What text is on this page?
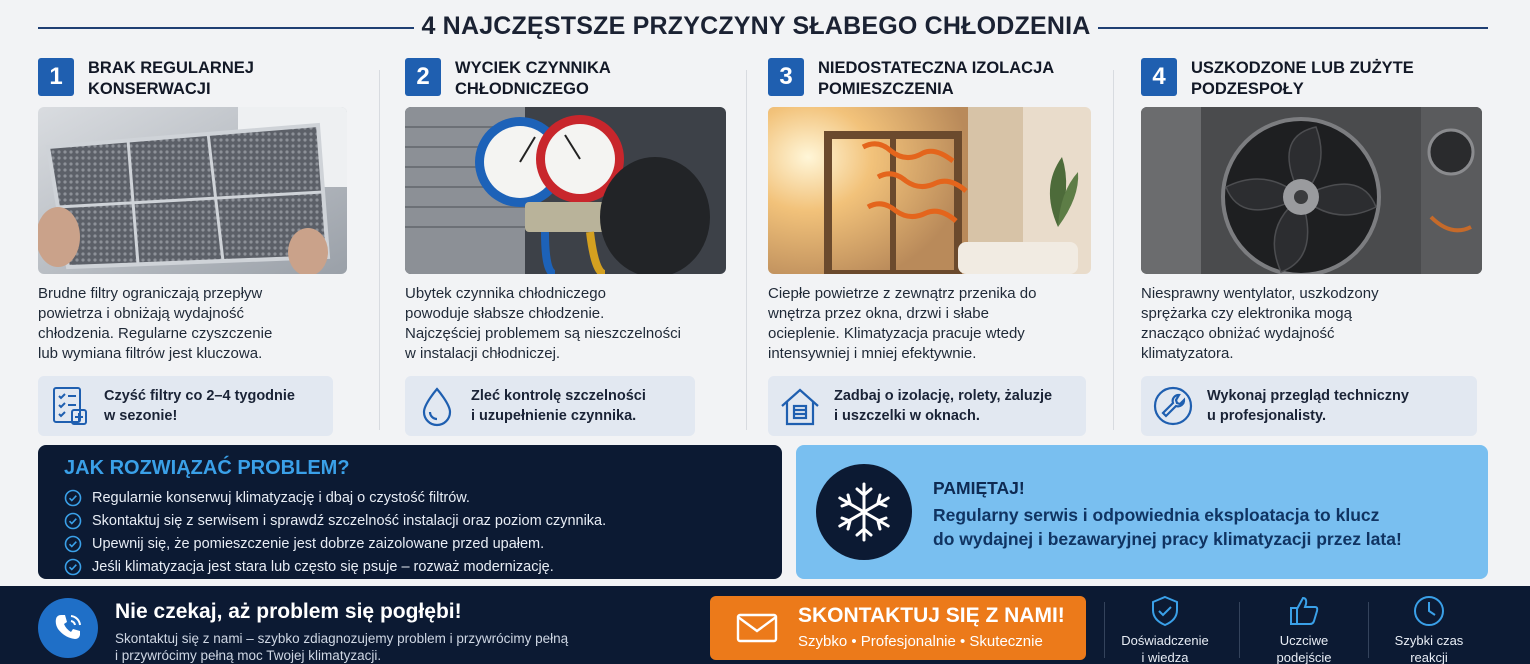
4 NAJCZĘSTSZE PRZYCZYNY SŁABEGO CHŁODZENIA
1	BRAK REGULARNEJ
KONSERWACJI
Brudne filtry ograniczają przepływ
powietrza i obniżają wydajność
chłodzenia. Regularne czyszczenie
lub wymiana filtrów jest kluczowa.
Czyść filtry co 2–4 tygodnie
w sezonie!
2	WYCIEK CZYNNIKA
CHŁODNICZEGO
Ubytek czynnika chłodniczego
powoduje słabsze chłodzenie.
Najczęściej problemem są nieszczelności
w instalacji chłodniczej.
Zleć kontrolę szczelności
i uzupełnienie czynnika.
3	NIEDOSTATECZNA IZOLACJA
POMIESZCZENIA
Ciepłe powietrze z zewnątrz przenika do
wnętrza przez okna, drzwi i słabe
ocieplenie. Klimatyzacja pracuje wtedy
intensywniej i mniej efektywnie.
Zadbaj o izolację, rolety, żaluzje
i uszczelki w oknach.
4	USZKODZONE LUB ZUŻYTE
PODZESPOŁY
Niesprawny wentylator, uszkodzony
sprężarka czy elektronika mogą
znacząco obniżać wydajność
klimatyzatora.
Wykonaj przegląd techniczny
u profesjonalisty.
JAK ROZWIĄZAĆ PROBLEM?
Regularnie konserwuj klimatyzację i dbaj o czystość filtrów.
Skontaktuj się z serwisem i sprawdź szczelność instalacji oraz poziom czynnika.
Upewnij się, że pomieszczenie jest dobrze zaizolowane przed upałem.
Jeśli klimatyzacja jest stara lub często się psuje – rozważ modernizację.
PAMIĘTAJ!
Regularny serwis i odpowiednia eksploatacja to klucz
do wydajnej i bezawaryjnej pracy klimatyzacji przez lata!
Nie czekaj, aż problem się pogłębi!
Skontaktuj się z nami – szybko zdiagnozujemy problem i przywrócimy pełną
i przywrócimy pełną moc Twojej klimatyzacji.
SKONTAKTUJ SIĘ Z NAMI!
Szybko • Profesjonalnie • Skutecznie	Doświadczenie
i wiedza
Uczciwe
podejście
Szybki czas
reakcji
